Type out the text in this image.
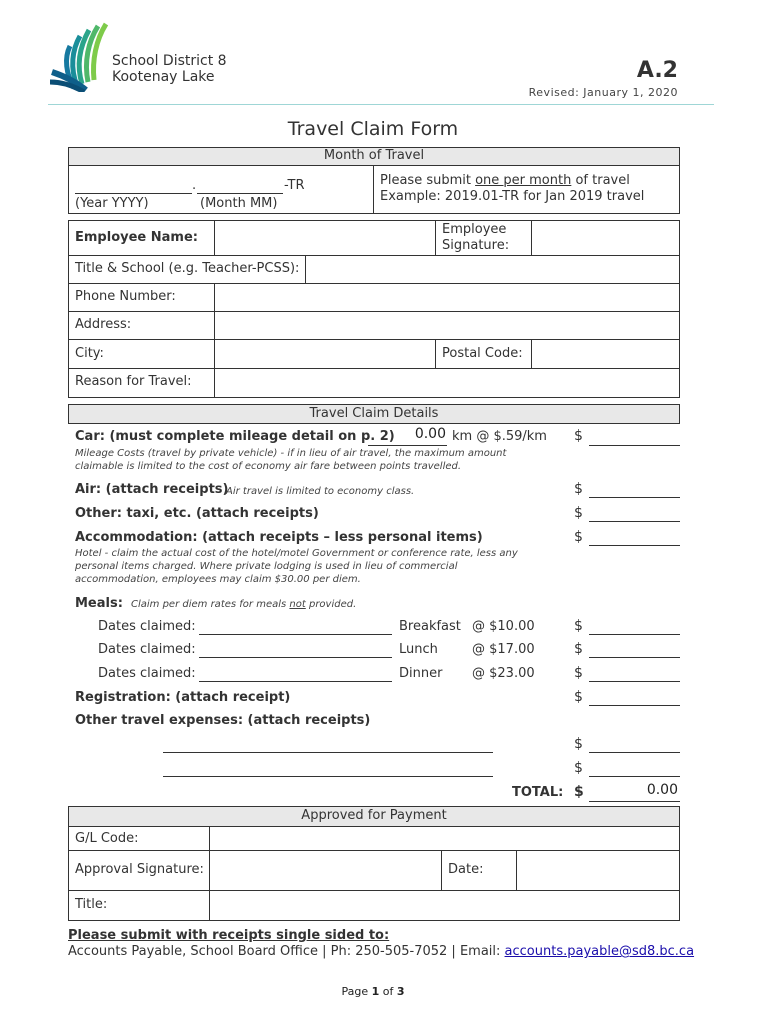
School District 8
Kootenay Lake	A.2
Revised: January 1, 2020
Travel Claim Form
Month of Travel
.	-TR
(Year YYYY)	(Month MM)
Please submit one per month of travel
Example: 2019.01-TR for Jan 2019 travel
Employee Name:
Employee
Signature:
Title & School (e.g. Teacher-PCSS):
Phone Number:
Address:
City:	Postal Code:
Reason for Travel:
Travel Claim Details
Car: (must complete mileage detail on p. 2)	0.00 km @ $.59/km $
Mileage Costs (travel by private vehicle) - if in lieu of air travel, the maximum amount
claimable is limited to the cost of economy air fare between points travelled.
Air: (attach receipts)
Air travel is limited to economy class.	$
Other: taxi, etc. (attach receipts)	$
Accommodation: (attach receipts – less personal items)	$
Hotel - claim the actual cost of the hotel/motel Government or conference rate, less any
personal items charged. Where private lodging is used in lieu of commercial
accommodation, employees may claim $30.00 per diem.
Meals: Claim per diem rates for meals not provided.
Dates claimed:	Breakfast @ $10.00	$
Dates claimed:	Lunch	@ $17.00	$
Dates claimed:	Dinner @ $23.00	$
Registration: (attach receipt)	$
Other travel expenses: (attach receipts)
$
$
TOTAL: $	0.00
Approved for Payment
G/L Code:
Approval Signature:	Date:
Title:
Please submit with receipts single sided to:
Accounts Payable, School Board Office | Ph: 250-505-7052 | Email: accounts.payable@sd8.bc.ca
Page 1 of 3
